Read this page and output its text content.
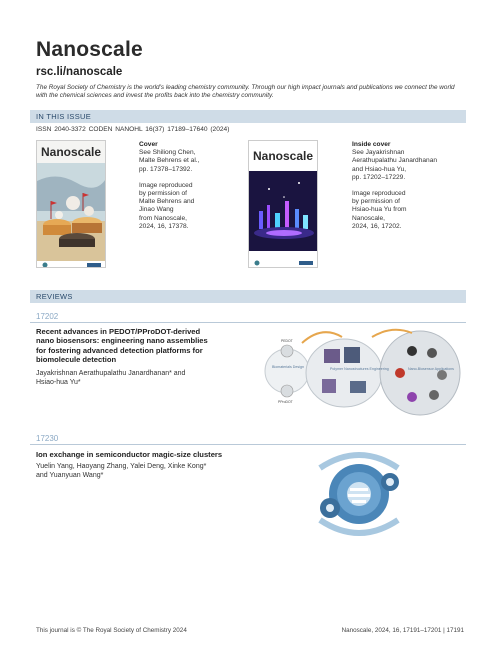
Nanoscale
rsc.li/nanoscale
The Royal Society of Chemistry is the world’s leading chemistry community. Through our high impact journals and publications we connect the world with the chemical sciences and invest the profits back into the chemistry community.
IN THIS ISSUE
ISSN 2040-3372 CODEN NANOHL 16(37) 17189–17640 (2024)
Nanoscale
Cover
See Shiliong Chen,
Malte Behrens et al.,
pp. 17378–17392.
Image reproduced
by permission of
Malte Behrens and
Jinao Wang
from Nanoscale,
2024, 16, 17378.
Nanoscale
Inside cover
See Jayakrishnan
Aerathupalathu Janardhanan
and Hsiao-hua Yu,
pp. 17202–17229.
Image reproduced
by permission of
Hsiao-hua Yu from
Nanoscale,
2024, 16, 17202.
REVIEWS
17202
Recent advances in PEDOT/PProDOT-derived
nano biosensors: engineering nano assemblies
for fostering advanced detection platforms for
biomolecule detection
Jayakrishnan Aerathupalathu Janardhanan* and
Hsiao-hua Yu*
Biomaterials Design	Polymer Nanostructures Engineering	Nano-Biosensor Applications
PEDOT
PProDOT
17230
Ion exchange in semiconductor magic-size clusters
Yuelin Yang, Haoyang Zhang, Yalei Deng, Xinke Kong*
and Yuanyuan Wang*
This journal is © The Royal Society of Chemistry 2024	Nanoscale, 2024, 16, 17191–17201 | 17191
